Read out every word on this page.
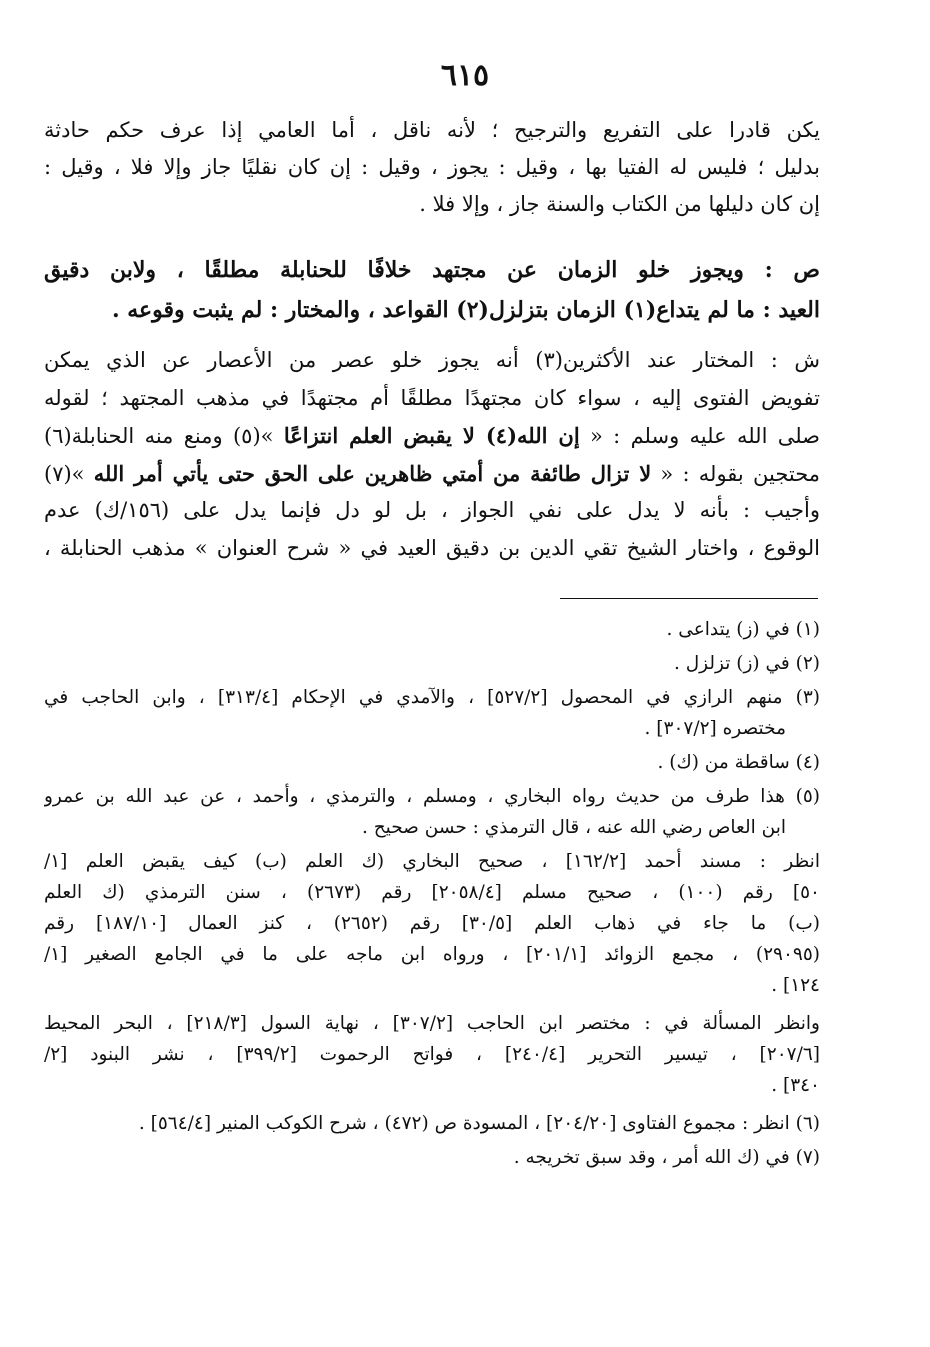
٦١٥
يكن قادرا على التفريع والترجيح ؛ لأنه ناقل ، أما العامي إذا عرف حكم حادثة
بدليل ؛ فليس له الفتيا بها ، وقيل : يجوز ، وقيل : إن كان نقليًا جاز وإلا فلا ، وقيل :
إن كان دليلها من الكتاب والسنة جاز ، وإلا فلا .
ص : ويجوز خلو الزمان عن مجتهد خلافًا للحنابلة مطلقًا ، ولابن دقيق
العيد : ما لم يتداع(١) الزمان بتزلزل(٢) القواعد ، والمختار : لم يثبت وقوعه .
ش : المختار عند الأكثرين(٣) أنه يجوز خلو عصر من الأعصار عن الذي يمكن
تفويض الفتوى إليه ، سواء كان مجتهدًا مطلقًا أم مجتهدًا في مذهب المجتهد ؛ لقوله
صلى الله عليه وسلم : « إن الله(٤) لا يقبض العلم انتزاعًا »(٥) ومنع منه الحنابلة(٦)
محتجين بقوله : « لا تزال طائفة من أمتي ظاهرين على الحق حتى يأتي أمر الله »(٧)
وأجيب : بأنه لا يدل على نفي الجواز ، بل لو دل فإنما يدل على (١٥٦/ك) عدم
الوقوع ، واختار الشيخ تقي الدين بن دقيق العيد في « شرح العنوان » مذهب الحنابلة ،
(١) في (ز) يتداعى .
(٢) في (ز) تزلزل .
(٣) منهم الرازي في المحصول [٥٢٧/٢] ، والآمدي في الإحكام [٣١٣/٤] ، وابن الحاجب في
مختصره [٣٠٧/٢] .
(٤) ساقطة من (ك) .
(٥) هذا طرف من حديث رواه البخاري ، ومسلم ، والترمذي ، وأحمد ، عن عبد الله بن عمرو
ابن العاص رضي الله عنه ، قال الترمذي : حسن صحيح .
انظر : مسند أحمد [١٦٢/٢] ، صحيح البخاري (ك العلم (ب) كيف يقبض العلم [١/
٥٠] رقم (١٠٠) ، صحيح مسلم [٢٠٥٨/٤] رقم (٢٦٧٣) ، سنن الترمذي (ك العلم
(ب) ما جاء في ذهاب العلم [٣٠/٥] رقم (٢٦٥٢) ، كنز العمال [١٨٧/١٠] رقم
(٢٩٠٩٥) ، مجمع الزوائد [٢٠١/١] ، ورواه ابن ماجه على ما في الجامع الصغير [١/
١٢٤] .
وانظر المسألة في : مختصر ابن الحاجب [٣٠٧/٢] ، نهاية السول [٢١٨/٣] ، البحر المحيط
[٢٠٧/٦] ، تيسير التحرير [٢٤٠/٤] ، فواتح الرحموت [٣٩٩/٢] ، نشر البنود [٢/
٣٤٠] .
(٦) انظر : مجموع الفتاوى [٢٠٤/٢٠] ، المسودة ص (٤٧٢) ، شرح الكوكب المنير [٥٦٤/٤] .
(٧) في (ك الله أمر ، وقد سبق تخريجه .
